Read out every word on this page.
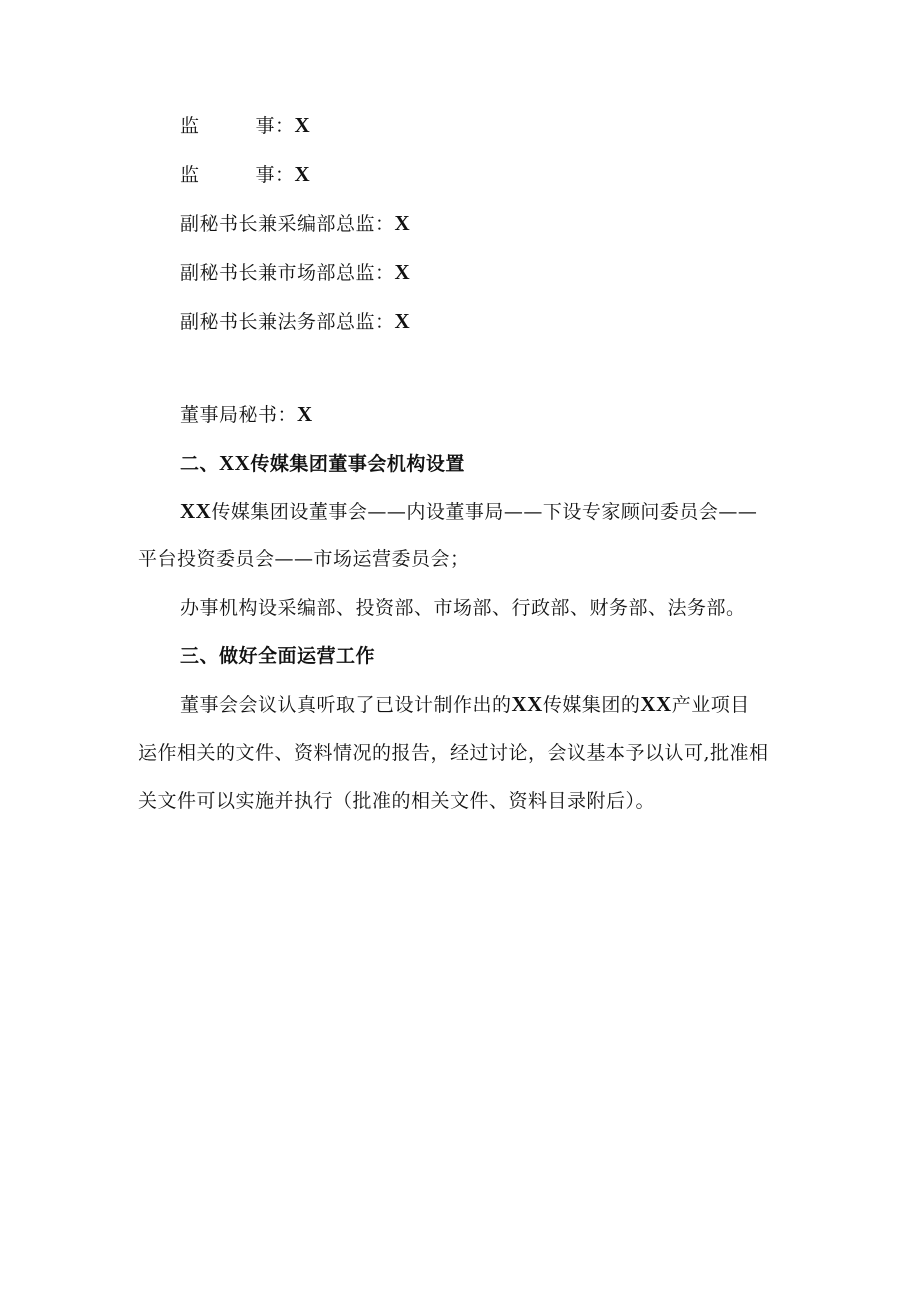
监	事：X
监	事：X
副秘书长兼采编部总监：X
副秘书长兼市场部总监：X
副秘书长兼法务部总监：X
董事局秘书：X
二、XX传媒集团董事会机构设置
XX传媒集团设董事会——内设董事局——下设专家顾问委员会——
平台投资委员会——市场运营委员会；
办事机构设采编部、投资部、市场部、行政部、财务部、法务部。
三、做好全面运营工作
董事会会议认真听取了已设计制作出的XX传媒集团的XX产业项目
运作相关的文件、资料情况的报告，经过讨论，会议基本予以认可,批准相
关文件可以实施并执行（批准的相关文件、资料目录附后）。
